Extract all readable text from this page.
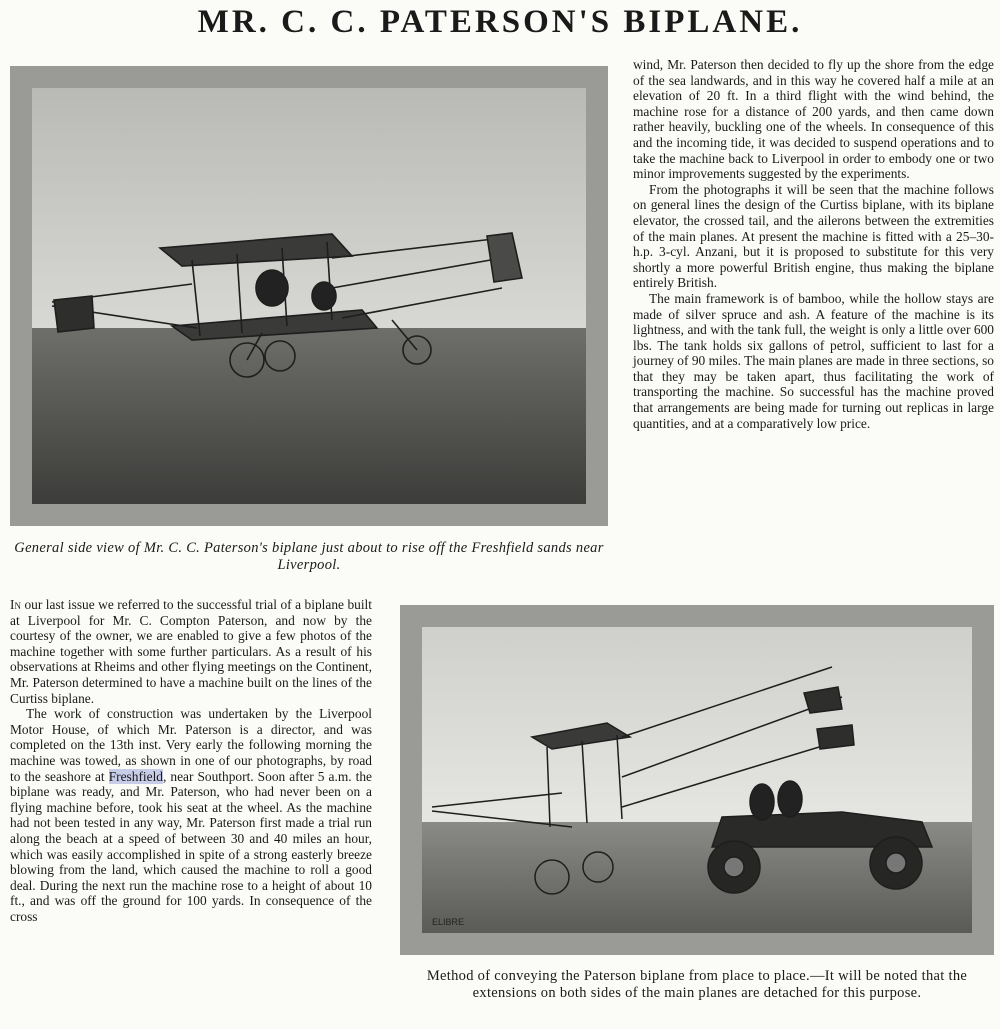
MR. C. C. PATERSON'S BIPLANE.
General side view of Mr. C. C. Paterson's biplane just about to rise off the Freshfield sands near Liverpool.

wind, Mr. Paterson then decided to fly up the shore from the edge of the sea landwards, and in this way he covered half a mile at an elevation of 20 ft. In a third flight with the wind behind, the machine rose for a distance of 200 yards, and then came down rather heavily, buckling one of the wheels. In consequence of this and the incoming tide, it was decided to suspend operations and to take the machine back to Liverpool in order to embody one or two minor improvements suggested by the experiments.

From the photographs it will be seen that the machine follows on general lines the design of the Curtiss biplane, with its biplane elevator, the crossed tail, and the ailerons between the extremities of the main planes. At present the machine is fitted with a 25–30-h.p. 3-cyl. Anzani, but it is proposed to substitute for this very shortly a more powerful British engine, thus making the biplane entirely British.

The main framework is of bamboo, while the hollow stays are made of silver spruce and ash. A feature of the machine is its lightness, and with the tank full, the weight is only a little over 600 lbs. The tank holds six gallons of petrol, sufficient to last for a journey of 90 miles. The main planes are made in three sections, so that they may be taken apart, thus facilitating the work of transporting the machine. So successful has the machine proved that arrangements are being made for turning out replicas in large quantities, and at a comparatively low price.

In our last issue we referred to the successful trial of a biplane built at Liverpool for Mr. C. Compton Paterson, and now by the courtesy of the owner, we are enabled to give a few photos of the machine together with some further particulars. As a result of his observations at Rheims and other flying meetings on the Continent, Mr. Paterson determined to have a machine built on the lines of the Curtiss biplane.

The work of construction was undertaken by the Liverpool Motor House, of which Mr. Paterson is a director, and was completed on the 13th inst. Very early the following morning the machine was towed, as shown in one of our photographs, by road to the seashore at Freshfield, near Southport. Soon after 5 a.m. the biplane was ready, and Mr. Paterson, who had never been on a flying machine before, took his seat at the wheel. As the machine had not been tested in any way, Mr. Paterson first made a trial run along the beach at a speed of between 30 and 40 miles an hour, which was easily accomplished in spite of a strong easterly breeze blowing from the land, which caused the machine to roll a good deal. During the next run the machine rose to a height of about 10 ft., and was off the ground for 100 yards. In consequence of the cross	ELIBRE
Method of conveying the Paterson biplane from place to place.—It will be noted that the extensions on both sides of the main planes are detached for this purpose.
